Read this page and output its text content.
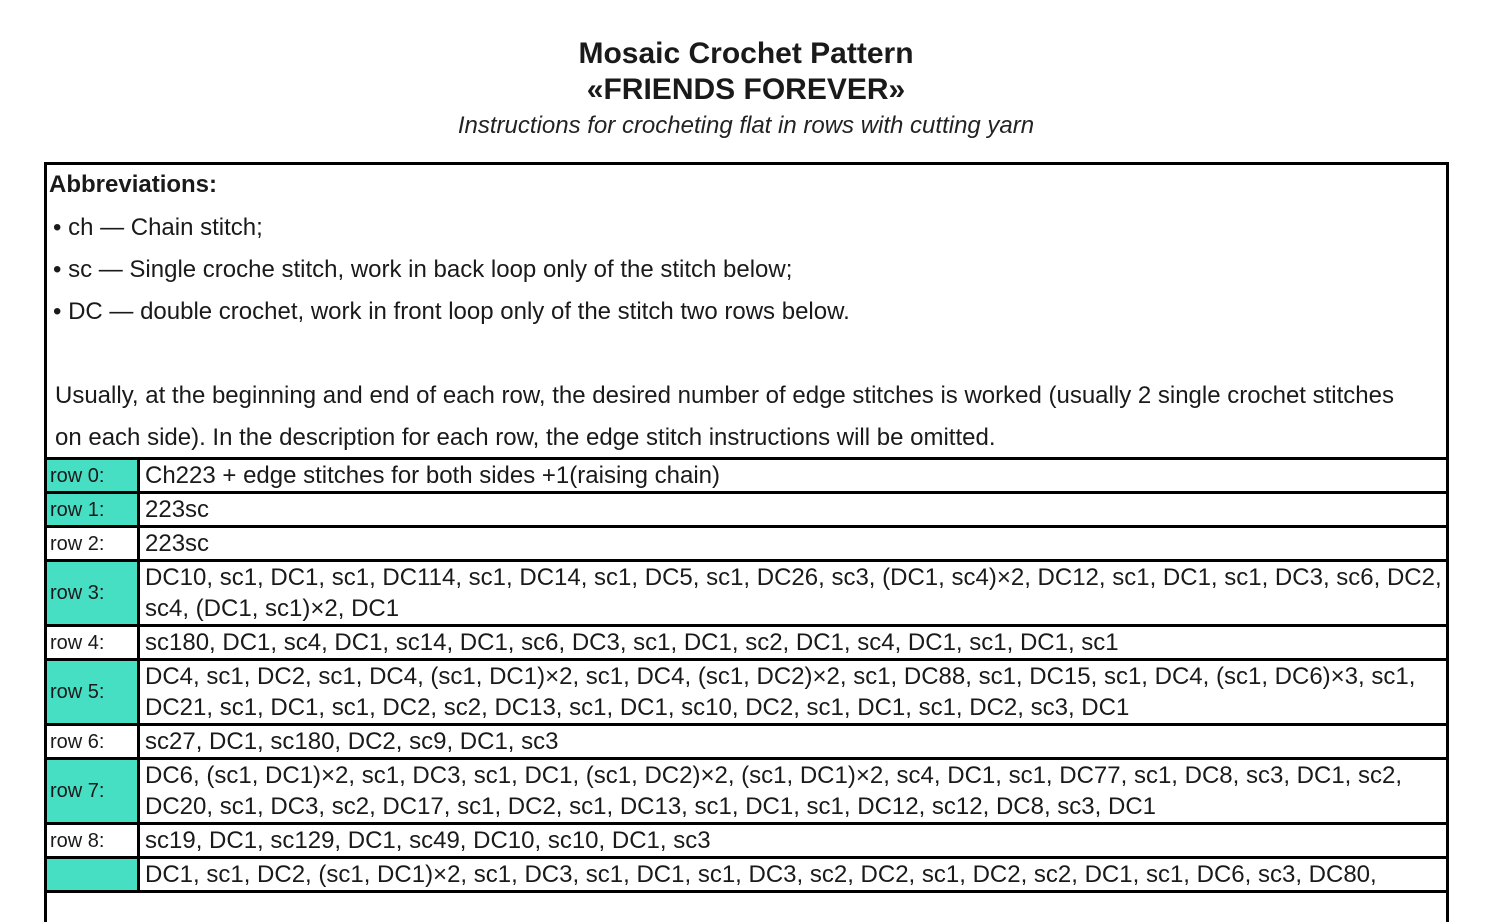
Mosaic Crochet Pattern
«FRIENDS FOREVER»
Instructions for crocheting flat in rows with cutting yarn
Abbreviations:
• ch — Chain stitch;
• sc — Single croche stitch, work in back loop only of the stitch below;
• DC — double crochet, work in front loop only of the stitch two rows below.
Usually, at the beginning and end of each row, the desired number of edge stitches is worked (usually 2 single crochet stitches on each side). In the description for each row, the edge stitch instructions will be omitted.
row 0:	Ch223 + edge stitches for both sides +1(raising chain)
row 1:	223sc
row 2:	223sc
row 3:	DC10, sc1, DC1, sc1, DC114, sc1, DC14, sc1, DC5, sc1, DC26, sc3, (DC1, sc4)×2, DC12, sc1, DC1, sc1, DC3, sc6, DC2, sc4, (DC1, sc1)×2, DC1
row 4:	sc180, DC1, sc4, DC1, sc14, DC1, sc6, DC3, sc1, DC1, sc2, DC1, sc4, DC1, sc1, DC1, sc1
row 5:	DC4, sc1, DC2, sc1, DC4, (sc1, DC1)×2, sc1, DC4, (sc1, DC2)×2, sc1, DC88, sc1, DC15, sc1, DC4, (sc1, DC6)×3, sc1, DC21, sc1, DC1, sc1, DC2, sc2, DC13, sc1, DC1, sc10, DC2, sc1, DC1, sc1, DC2, sc3, DC1
row 6:	sc27, DC1, sc180, DC2, sc9, DC1, sc3
row 7:	DC6, (sc1, DC1)×2, sc1, DC3, sc1, DC1, (sc1, DC2)×2, (sc1, DC1)×2, sc4, DC1, sc1, DC77, sc1, DC8, sc3, DC1, sc2, DC20, sc1, DC3, sc2, DC17, sc1, DC2, sc1, DC13, sc1, DC1, sc1, DC12, sc12, DC8, sc3, DC1
row 8:	sc19, DC1, sc129, DC1, sc49, DC10, sc10, DC1, sc3
	DC1, sc1, DC2, (sc1, DC1)×2, sc1, DC3, sc1, DC1, sc1, DC3, sc2, DC2, sc1, DC2, sc2, DC1, sc1, DC6, sc3, DC80,
